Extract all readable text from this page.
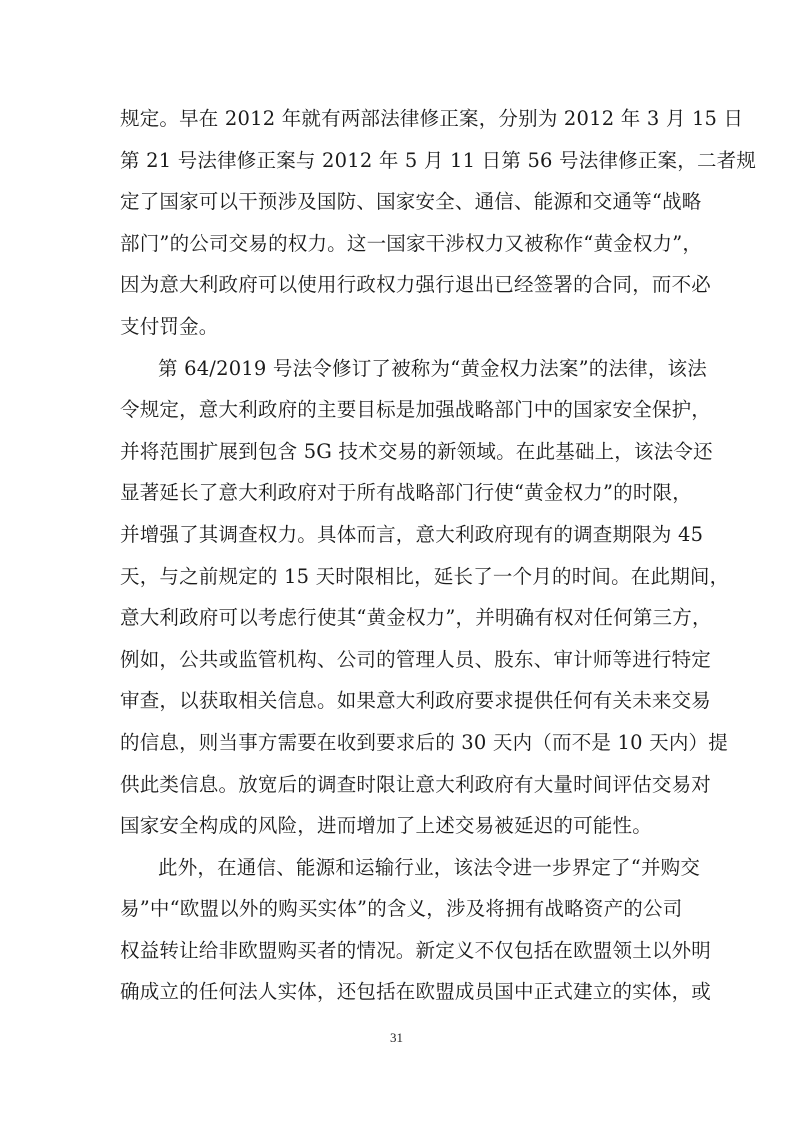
规定。早在 2012 年就有两部法律修正案，分别为 2012 年 3 月 15 日
第 21 号法律修正案与 2012 年 5 月 11 日第 56 号法律修正案，二者规
定了国家可以干预涉及国防、国家安全、通信、能源和交通等“战略
部门”的公司交易的权力。这一国家干涉权力又被称作“黄金权力”，
因为意大利政府可以使用行政权力强行退出已经签署的合同，而不必
支付罚金。
第 64/2019 号法令修订了被称为“黄金权力法案”的法律，该法
令规定，意大利政府的主要目标是加强战略部门中的国家安全保护，
并将范围扩展到包含 5G 技术交易的新领域。在此基础上，该法令还
显著延长了意大利政府对于所有战略部门行使“黄金权力”的时限，
并增强了其调查权力。具体而言，意大利政府现有的调查期限为 45
天，与之前规定的 15 天时限相比，延长了一个月的时间。在此期间，
意大利政府可以考虑行使其“黄金权力”，并明确有权对任何第三方，
例如，公共或监管机构、公司的管理人员、股东、审计师等进行特定
审查，以获取相关信息。如果意大利政府要求提供任何有关未来交易
的信息，则当事方需要在收到要求后的 30 天内（而不是 10 天内）提
供此类信息。放宽后的调查时限让意大利政府有大量时间评估交易对
国家安全构成的风险，进而增加了上述交易被延迟的可能性。
此外，在通信、能源和运输行业，该法令进一步界定了“并购交
易”中“欧盟以外的购买实体”的含义，涉及将拥有战略资产的公司
权益转让给非欧盟购买者的情况。新定义不仅包括在欧盟领土以外明
确成立的任何法人实体，还包括在欧盟成员国中正式建立的实体，或
31
